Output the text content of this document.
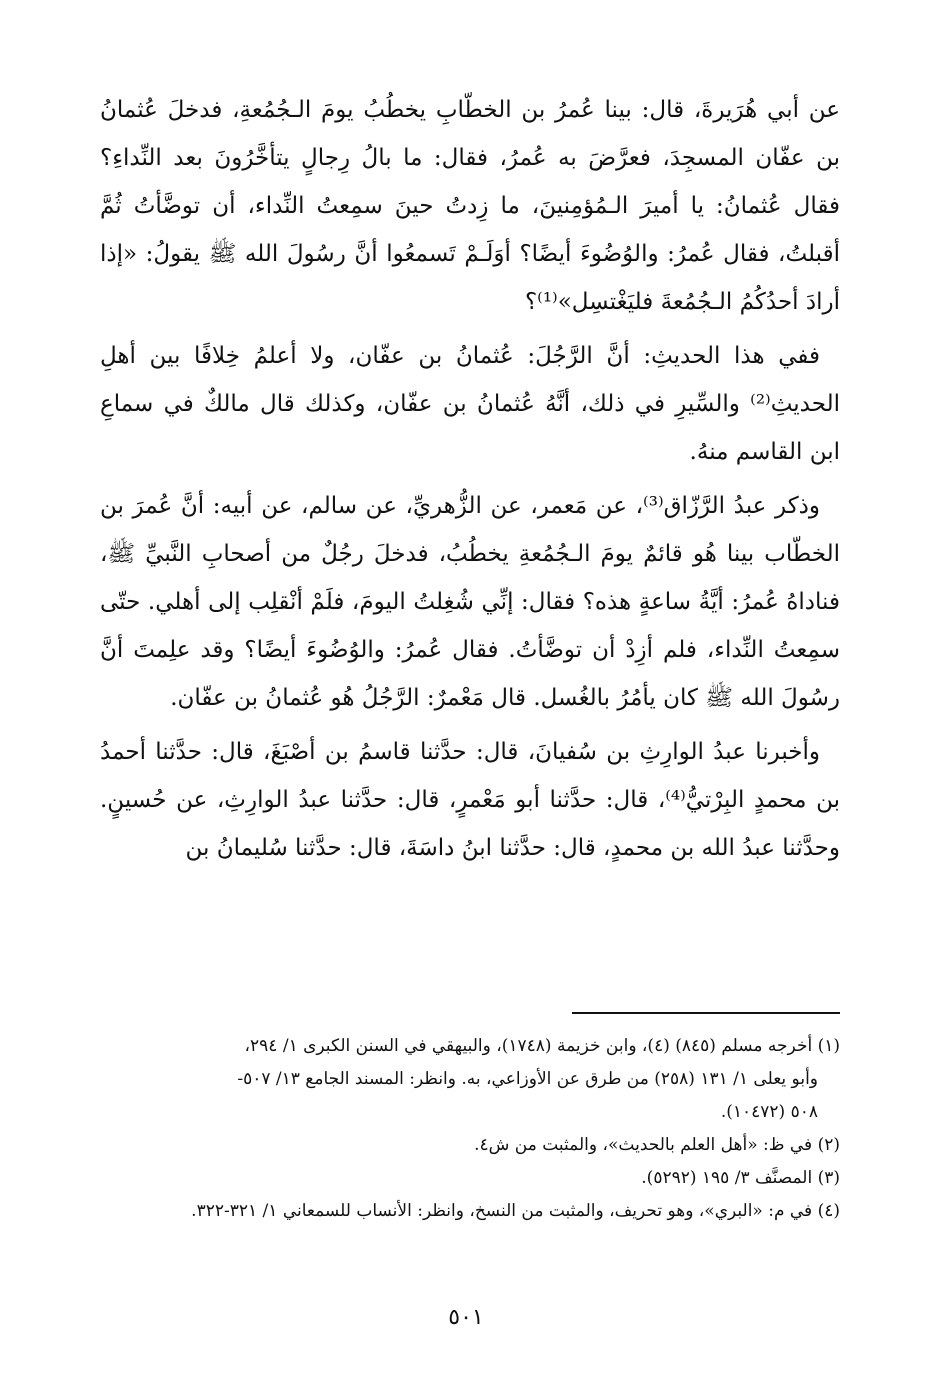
عن أبي هُرَيرةَ، قال: بينا عُمرُ بن الخطّابِ يخطُبُ يومَ الـجُمُعةِ، فدخلَ عُثمانُ بن عفّان المسجِدَ، فعرَّضَ به عُمرُ، فقال: ما بالُ رِجالٍ يتأخَّرُونَ بعد النِّداءِ؟ فقال عُثمانُ: يا أميرَ الـمُؤمِنينَ، ما زِدتُ حينَ سمِعتُ النِّداء، أن توضَّأتُ ثُمَّ أقبلتُ، فقال عُمرُ: والوُضُوءَ أيضًا؟ أوَلَـمْ تَسمعُوا أنَّ رسُولَ الله ﷺ يقولُ: «إذا أرادَ أحدُكُمُ الـجُمُعةَ فليَغْتسِل»⁽¹⁾؟

ففي هذا الحديثِ: أنَّ الرَّجُلَ: عُثمانُ بن عفّان، ولا أعلمُ خِلافًا بين أهلِ الحديثِ⁽²⁾ والسِّيرِ في ذلك، أنَّهُ عُثمانُ بن عفّان، وكذلك قال مالكٌ في سماعِ ابن القاسم منهُ.

وذكر عبدُ الرَّزّاق⁽³⁾، عن مَعمر، عن الزُّهريِّ، عن سالم، عن أبيه: أنَّ عُمرَ بن الخطّاب بينا هُو قائمٌ يومَ الـجُمُعةِ يخطُبُ، فدخلَ رجُلٌ من أصحابِ النَّبيِّ ﷺ، فناداهُ عُمرُ: أيَّةُ ساعةٍ هذه؟ فقال: إنِّي شُغِلتُ اليومَ، فلَمْ أنْقلِب إلى أهلي. حتّى سمِعتُ النِّداء، فلم أزِدْ أن توضَّأتُ. فقال عُمرُ: والوُضُوءَ أيضًا؟ وقد علِمتَ أنَّ رسُولَ الله ﷺ كان يأمُرُ بالغُسل. قال مَعْمرٌ: الرَّجُلُ هُو عُثمانُ بن عفّان.

وأخبرنا عبدُ الوارِثِ بن سُفيانَ، قال: حدَّثنا قاسمُ بن أصْبَغَ، قال: حدَّثنا أحمدُ بن محمدٍ البِرْتيُّ⁽⁴⁾، قال: حدَّثنا أبو مَعْمرٍ، قال: حدَّثنا عبدُ الوارِثِ، عن حُسينٍ. وحدَّثنا عبدُ الله بن محمدٍ، قال: حدَّثنا ابنُ داسَةَ، قال: حدَّثنا سُليمانُ بن

(١) أخرجه مسلم (٨٤٥) (٤)، وابن خزيمة (١٧٤٨)، والبيهقي في السنن الكبرى ١/ ٢٩٤،

وأبو يعلى ١/ ١٣١ (٢٥٨) من طرق عن الأوزاعي، به. وانظر: المسند الجامع ١٣/ ٥٠٧-

٥٠٨ (١٠٤٧٢).

(٢) في ظ: «أهل العلم بالحديث»، والمثبت من ش٤.

(٣) المصنَّف ٣/ ١٩٥ (٥٢٩٢).

(٤) في م: «البري»، وهو تحريف، والمثبت من النسخ، وانظر: الأنساب للسمعاني ١/ ٣٢١-٣٢٢.

٥٠١
